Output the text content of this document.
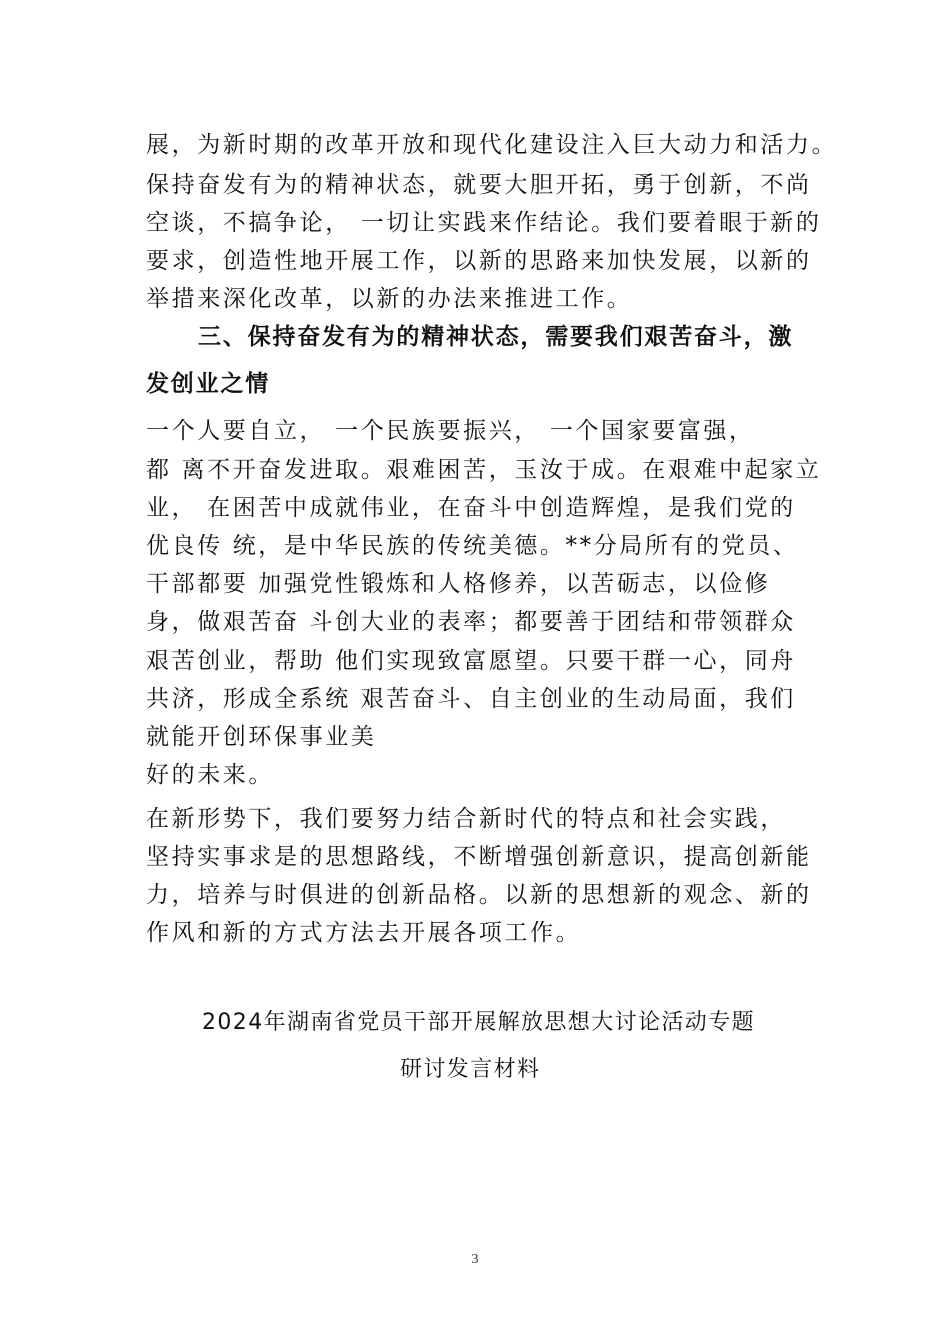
展，为新时期的改革开放和现代化建设注入巨大动力和活力。
保持奋发有为的精神状态，就要大胆开拓，勇于创新，不尚
空谈，不搞争论， 一切让实践来作结论。我们要着眼于新的
要求，创造性地开展工作，以新的思路来加快发展，以新的
举措来深化改革，以新的办法来推进工作。
三、保持奋发有为的精神状态，需要我们艰苦奋斗，激
发创业之情
一个人要自立， 一个民族要振兴， 一个国家要富强，
都 离不开奋发进取。艰难困苦，玉汝于成。在艰难中起家立
业， 在困苦中成就伟业，在奋斗中创造辉煌，是我们党的
优良传 统，是中华民族的传统美德。**分局所有的党员、
干部都要 加强党性锻炼和人格修养，以苦砺志，以俭修
身，做艰苦奋 斗创大业的表率；都要善于团结和带领群众
艰苦创业，帮助 他们实现致富愿望。只要干群一心，同舟
共济，形成全系统 艰苦奋斗、自主创业的生动局面，我们
就能开创环保事业美
好的未来。
在新形势下，我们要努力结合新时代的特点和社会实践，
坚持实事求是的思想路线，不断增强创新意识，提高创新能
力，培养与时俱进的创新品格。以新的思想新的观念、新的
作风和新的方式方法去开展各项工作。
2024年湖南省党员干部开展解放思想大讨论活动专题
研讨发言材料
3
